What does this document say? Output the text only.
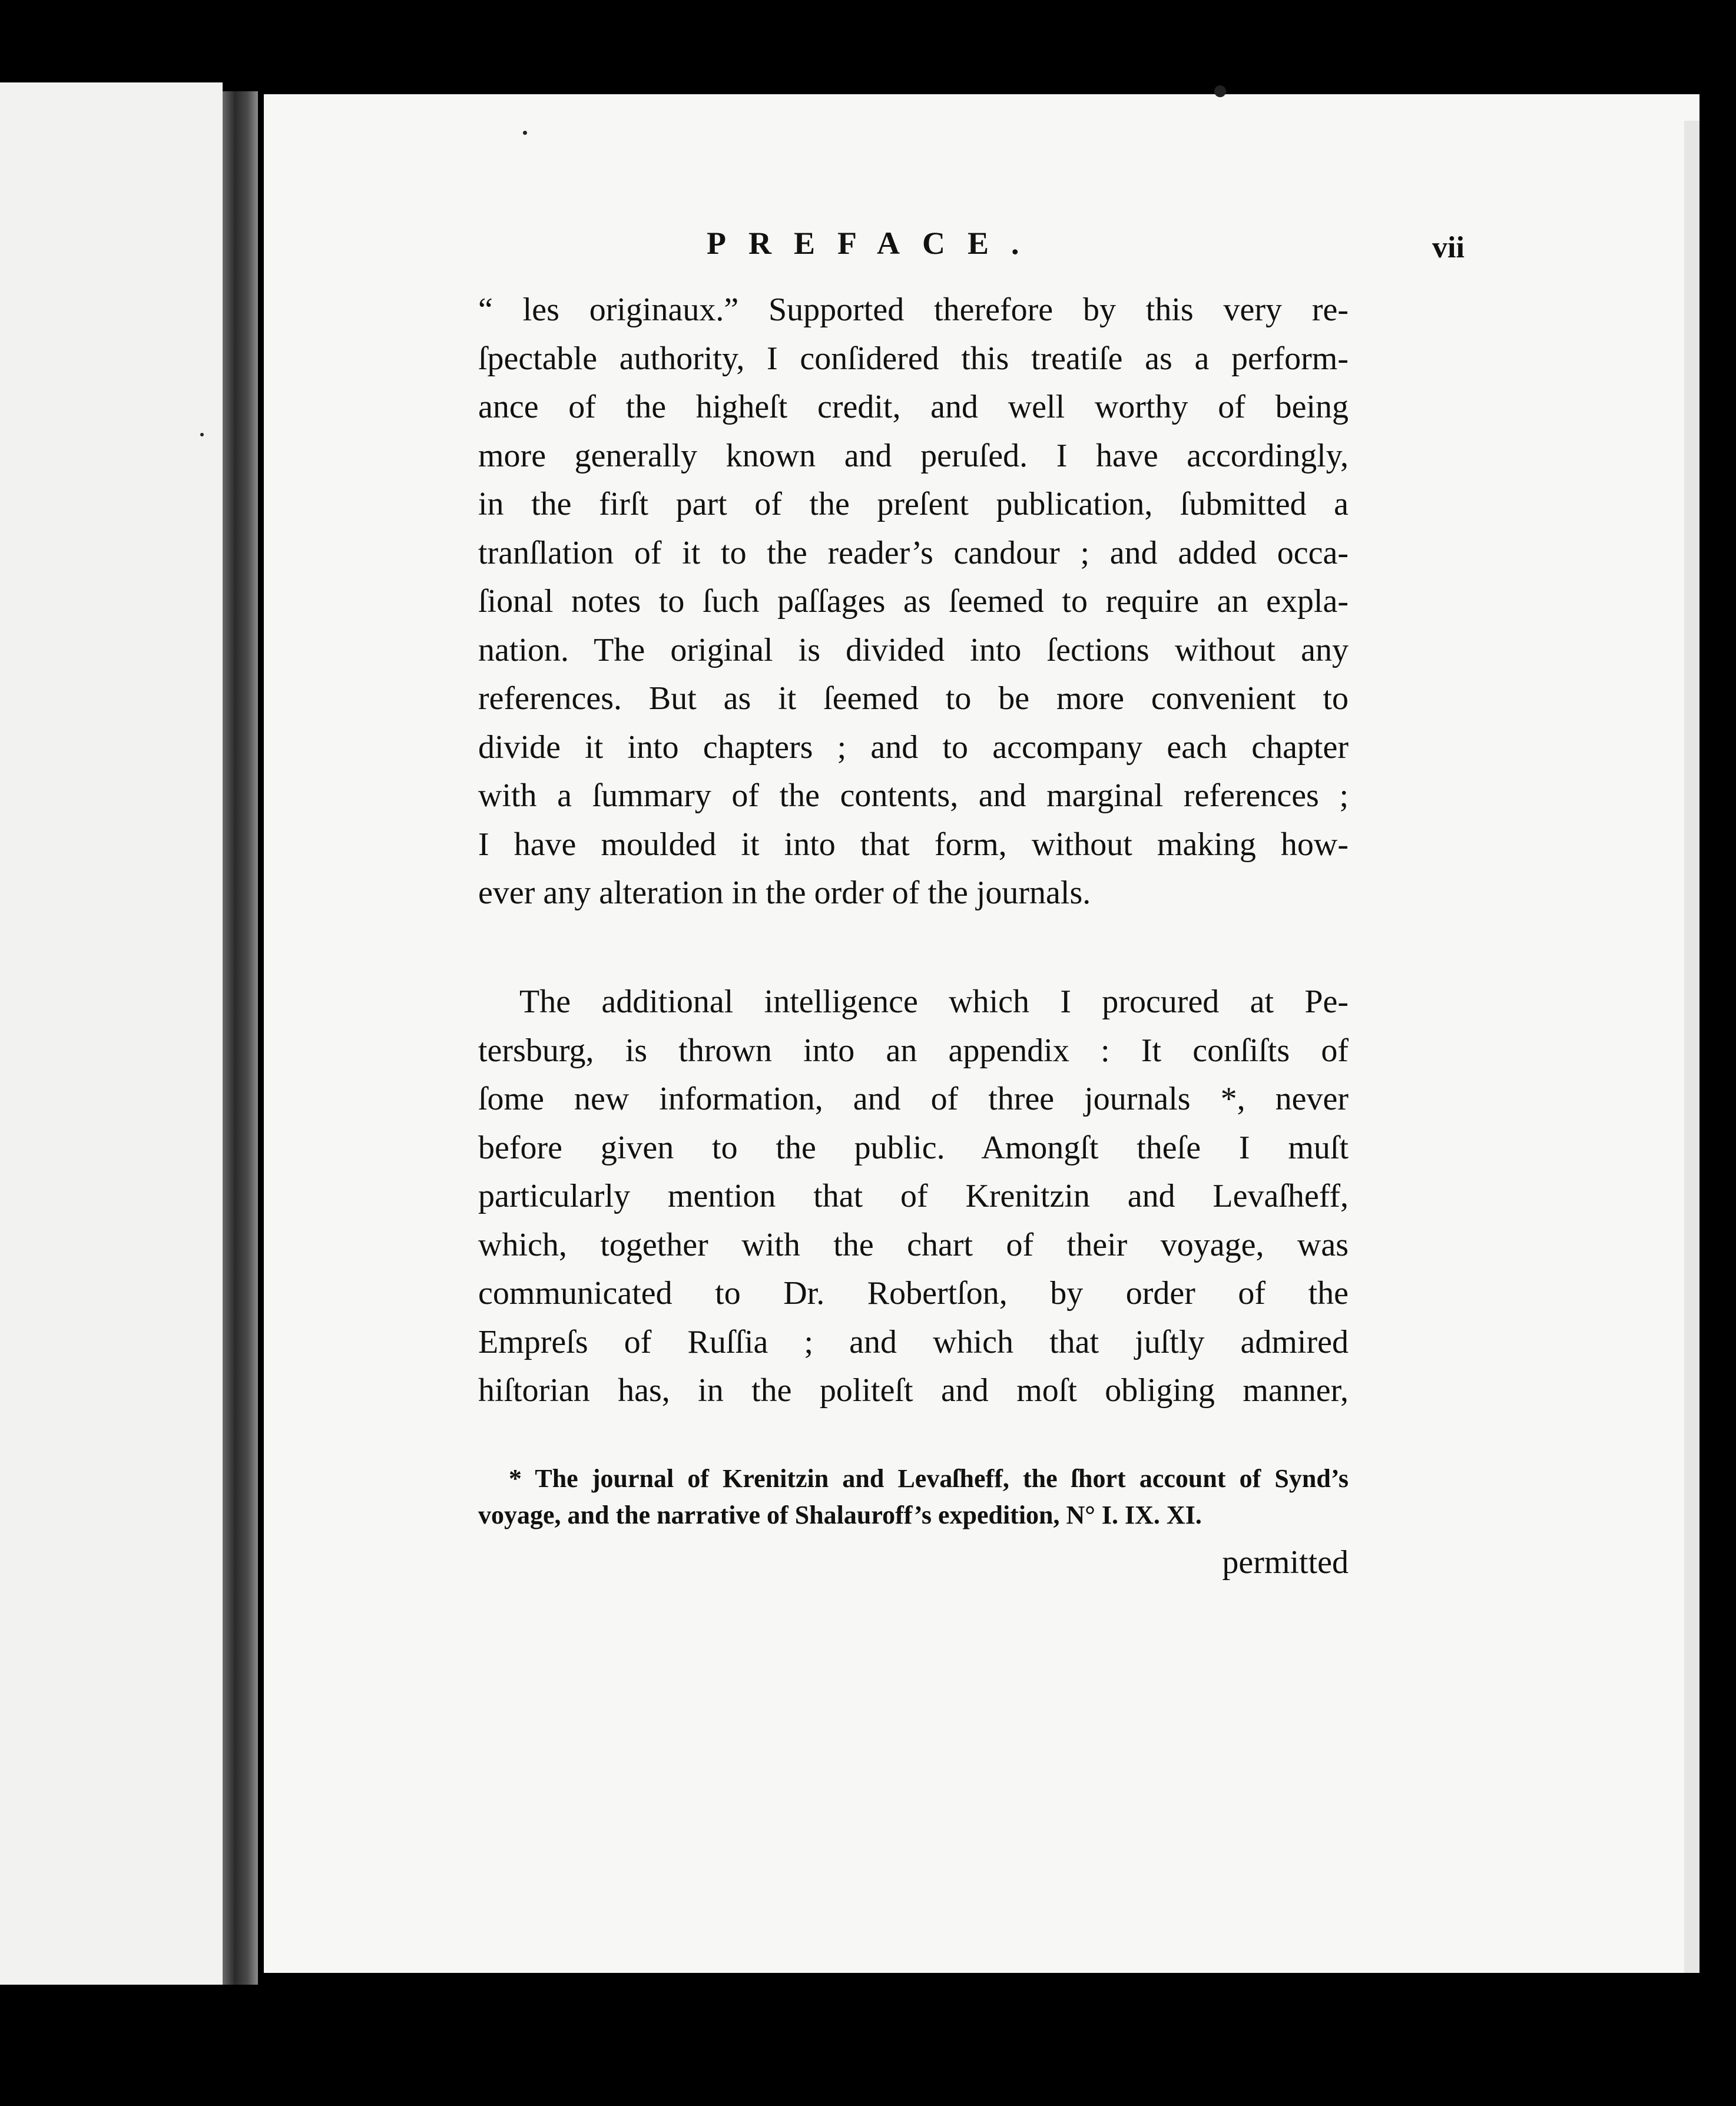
PREFACE.	vii
“ les originaux.” Supported therefore by this very re-
ſpectable authority, I conſidered this treatiſe as a perform-
ance of the higheſt credit, and well worthy of being
more generally known and peruſed. I have accordingly,
in the firſt part of the preſent publication, ſubmitted a
tranſlation of it to the reader’s candour ; and added occa-
ſional notes to ſuch paſſages as ſeemed to require an expla-
nation. The original is divided into ſections without any
references. But as it ſeemed to be more convenient to
divide it into chapters ; and to accompany each chapter
with a ſummary of the contents, and marginal references ;
I have moulded it into that form, without making how-
ever any alteration in the order of the journals.
The additional intelligence which I procured at Pe-
tersburg, is thrown into an appendix : It conſiſts of
ſome new information, and of three journals *, never
before given to the public. Amongſt theſe I muſt
particularly mention that of Krenitzin and Levaſheff,
which, together with the chart of their voyage, was
communicated to Dr. Robertſon, by order of the
Empreſs of Ruſſia ; and which that juſtly admired
hiſtorian has, in the politeſt and moſt obliging manner,
* The journal of Krenitzin and Levaſheff, the ſhort account of Synd’s
voyage, and the narrative of Shalauroff’s expedition, N° I. IX. XI.
permitted
